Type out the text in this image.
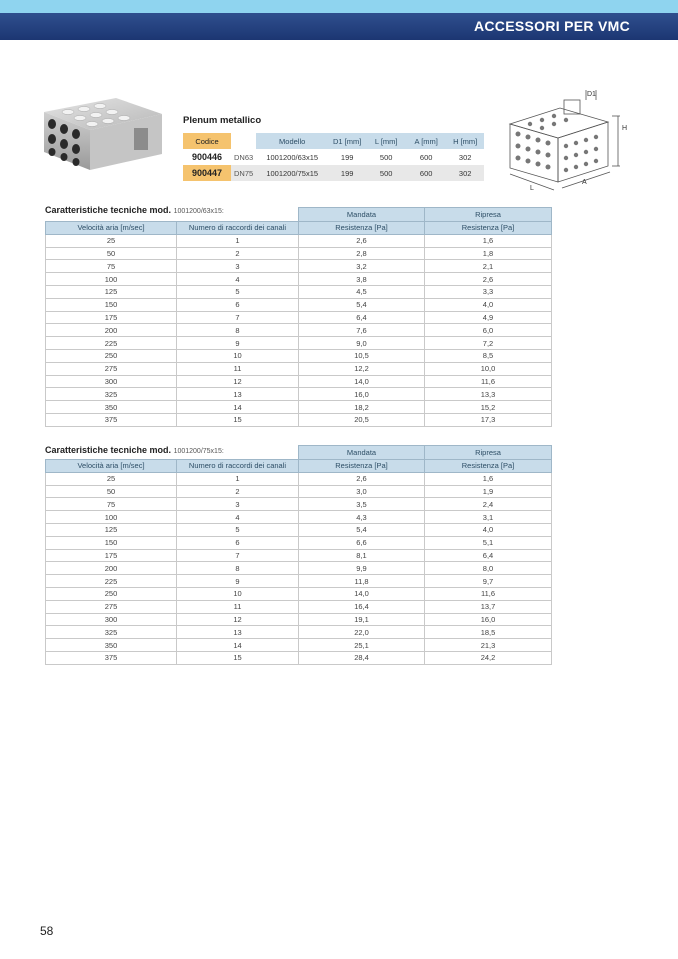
ACCESSORI PER VMC
Plenum metallico
Codice		Modello	D1 [mm]	L [mm]	A [mm]	H [mm]
900446	DN63	1001200/63x15	199	500	600	302
900447	DN75	1001200/75x15	199	500	600	302
D1
H
L
A
Caratteristiche tecniche mod. 1001200/63x15:
			Mandata	Ripresa
Velocità aria [m/sec]	Numero di raccordi dei canali	Resistenza [Pa]	Resistenza [Pa]
25	1	2,6	1,6
50	2	2,8	1,8
75	3	3,2	2,1
100	4	3,8	2,6
125	5	4,5	3,3
150	6	5,4	4,0
175	7	6,4	4,9
200	8	7,6	6,0
225	9	9,0	7,2
250	10	10,5	8,5
275	11	12,2	10,0
300	12	14,0	11,6
325	13	16,0	13,3
350	14	18,2	15,2
375	15	20,5	17,3
Caratteristiche tecniche mod. 1001200/75x15:
			Mandata	Ripresa
Velocità aria [m/sec]	Numero di raccordi dei canali	Resistenza [Pa]	Resistenza [Pa]
25	1	2,6	1,6
50	2	3,0	1,9
75	3	3,5	2,4
100	4	4,3	3,1
125	5	5,4	4,0
150	6	6,6	5,1
175	7	8,1	6,4
200	8	9,9	8,0
225	9	11,8	9,7
250	10	14,0	11,6
275	11	16,4	13,7
300	12	19,1	16,0
325	13	22,0	18,5
350	14	25,1	21,3
375	15	28,4	24,2
58
